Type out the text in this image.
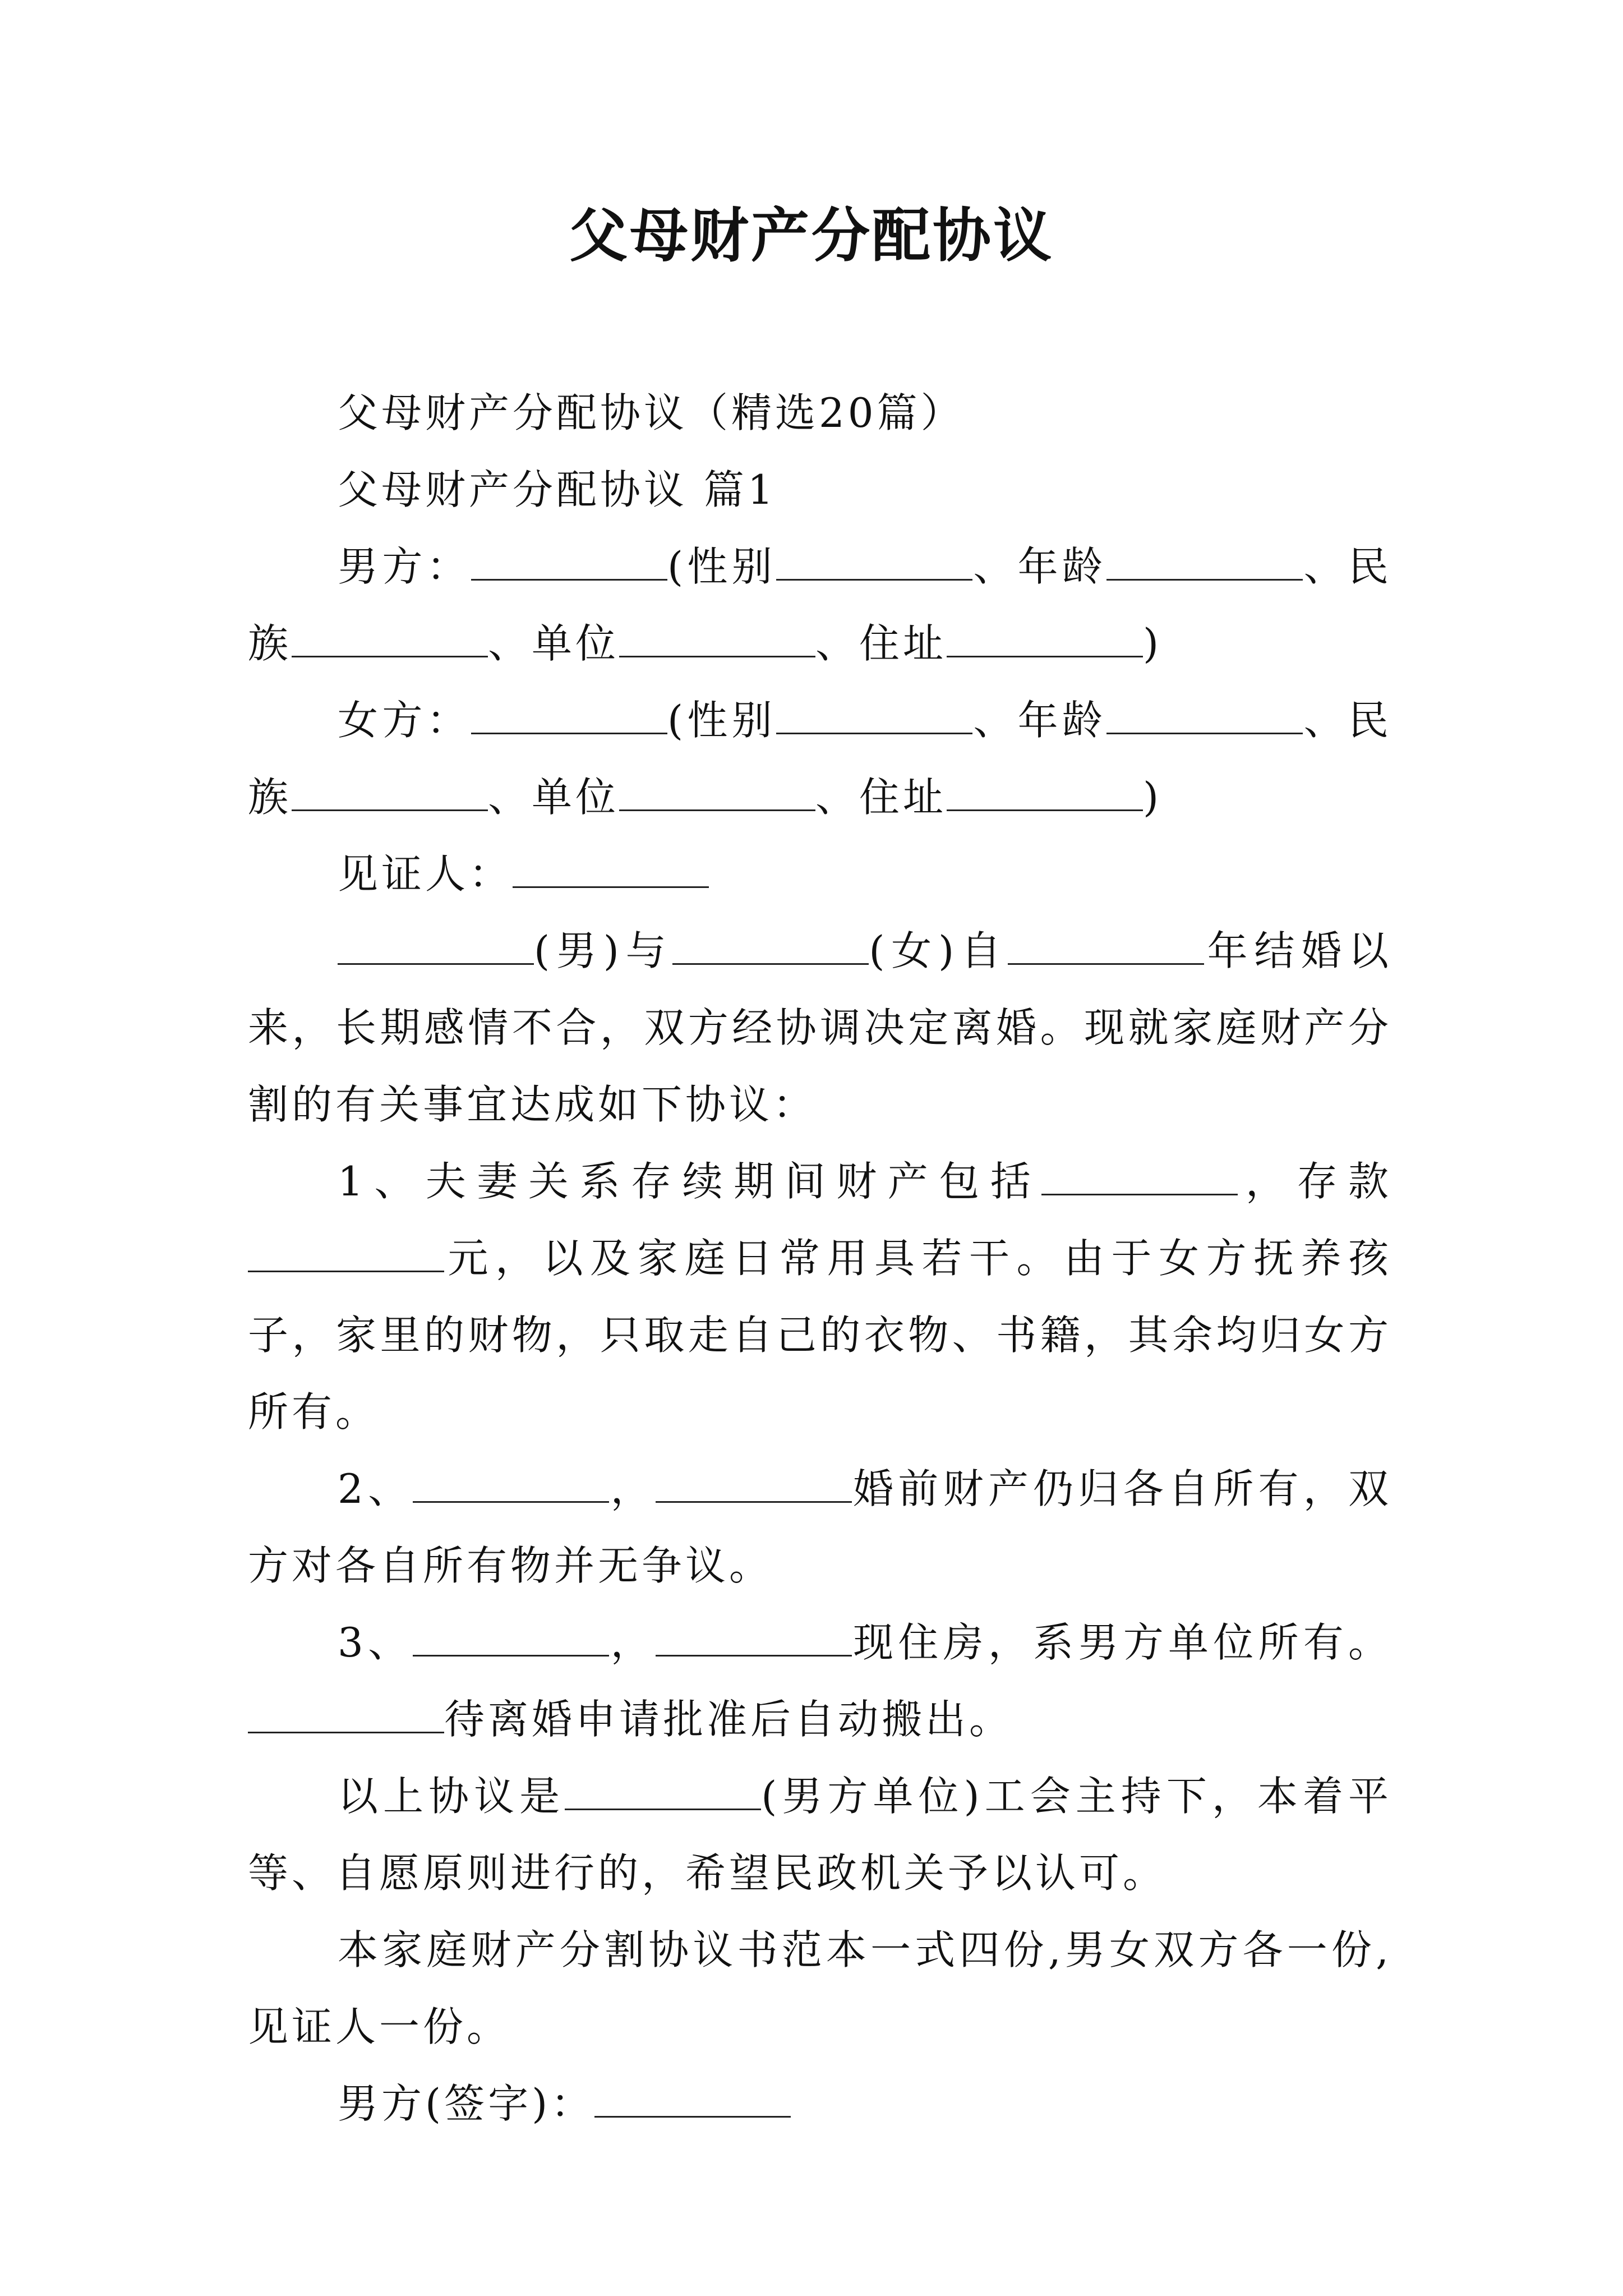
父母财产分配协议

父母财产分配协议（精选20篇）

父母财产分配协议 篇1

男方：	(性别	、年龄	、民族	、单位	、住址	)

女方：	(性别	、年龄	、民族	、单位	、住址	)

见证人：

(男)与	(女)自	年结婚以来，长期感情不合，双方经协调决定离婚。现就家庭财产分割的有关事宜达成如下协议：

1、夫妻关系存续期间财产包括	，存款元，以及家庭日常用具若干。由于女方抚养孩子，家里的财物，只取走自己的衣物、书籍，其余均归女方所有。

2、	，	婚前财产仍归各自所有，双方对各自所有物并无争议。

3、	，	现住房，系男方单位所有。待离婚申请批准后自动搬出。

以上协议是	(男方单位)工会主持下，本着平等、自愿原则进行的，希望民政机关予以认可。

本家庭财产分割协议书范本一式四份,男女双方各一份,见证人一份。

男方(签字)：
